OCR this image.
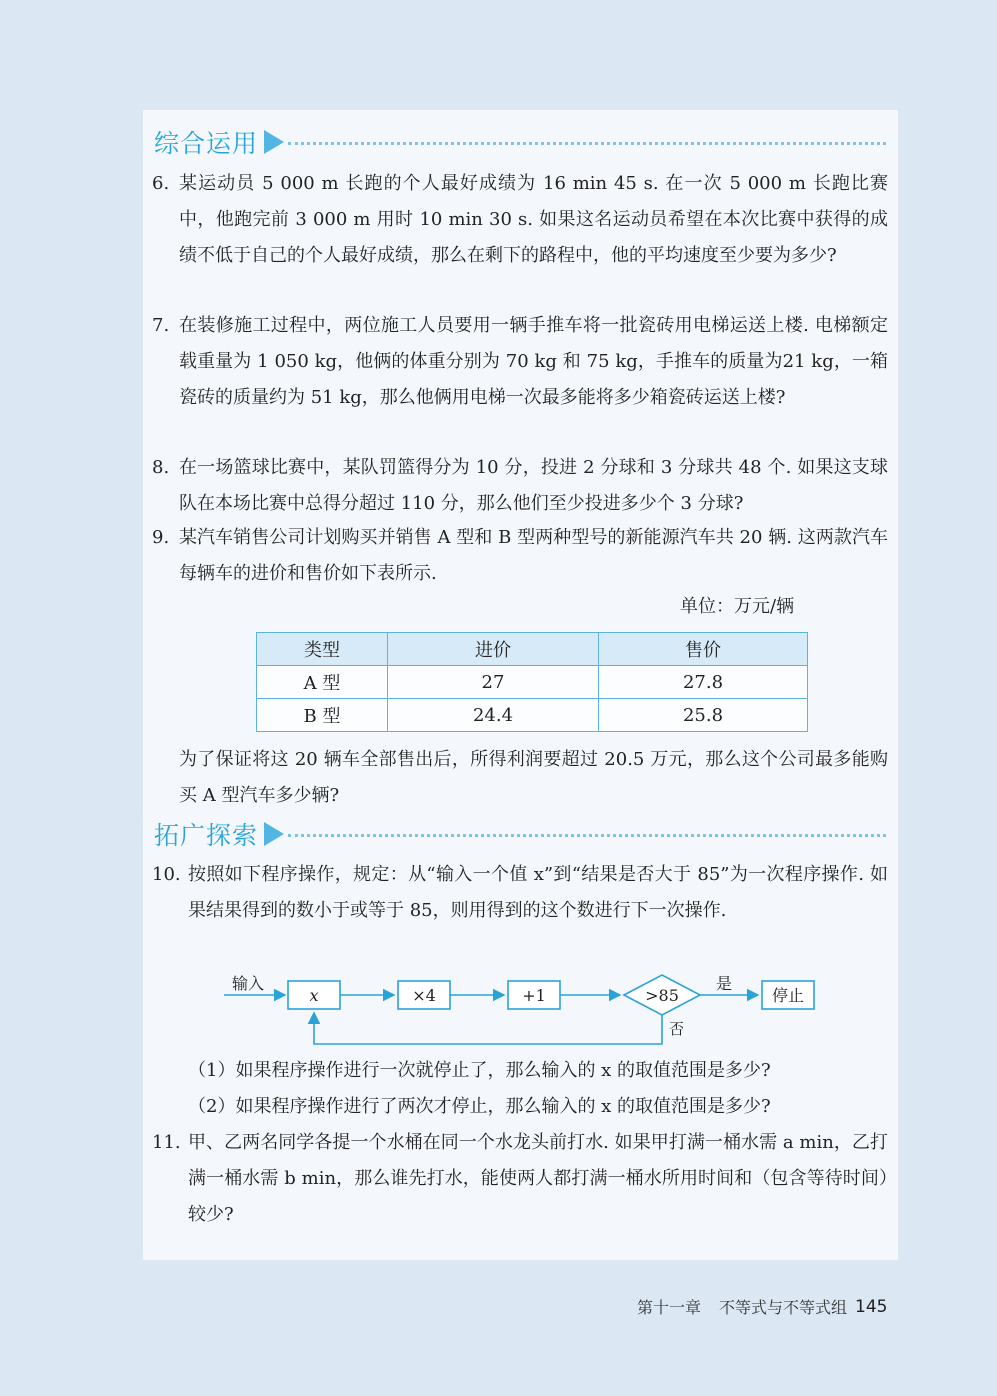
综合运用
6. 某运动员 5 000 m 长跑的个人最好成绩为 16 min 45 s. 在一次 5 000 m 长跑比赛中，他跑完前 3 000 m 用时 10 min 30 s. 如果这名运动员希望在本次比赛中获得的成绩不低于自己的个人最好成绩，那么在剩下的路程中，他的平均速度至少要为多少?
7. 在装修施工过程中，两位施工人员要用一辆手推车将一批瓷砖用电梯运送上楼. 电梯额定载重量为 1 050 kg，他俩的体重分别为 70 kg 和 75 kg，手推车的质量为21 kg，一箱瓷砖的质量约为 51 kg，那么他俩用电梯一次最多能将多少箱瓷砖运送上楼?
8. 在一场篮球比赛中，某队罚篮得分为 10 分，投进 2 分球和 3 分球共 48 个. 如果这支球队在本场比赛中总得分超过 110 分，那么他们至少投进多少个 3 分球?
9. 某汽车销售公司计划购买并销售 A 型和 B 型两种型号的新能源汽车共 20 辆. 这两款汽车每辆车的进价和售价如下表所示.
单位：万元/辆
类型	进价	售价
A 型	27	27.8
B 型	24.4	25.8
为了保证将这 20 辆车全部售出后，所得利润要超过 20.5 万元，那么这个公司最多能购买 A 型汽车多少辆?
拓广探索
10. 按照如下程序操作，规定：从“输入一个值 x”到“结果是否大于 85”为一次程序操作. 如果结果得到的数小于或等于 85，则用得到的这个数进行下一次操作.
输入
x	×4	+1	>85
是
停止
否
（1）如果程序操作进行一次就停止了，那么输入的 x 的取值范围是多少?
（2）如果程序操作进行了两次才停止，那么输入的 x 的取值范围是多少?
11. 甲、乙两名同学各提一个水桶在同一个水龙头前打水. 如果甲打满一桶水需 a min，乙打满一桶水需 b min，那么谁先打水，能使两人都打满一桶水所用时间和（包含等待时间）较少?
第十一章 不等式与不等式组 145
